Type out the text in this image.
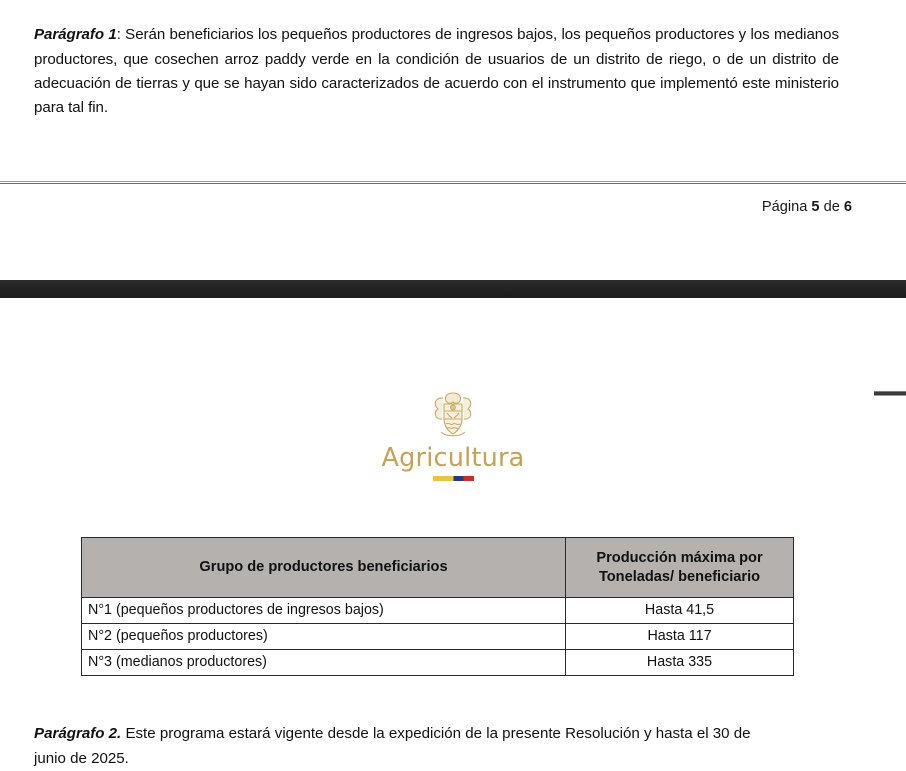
Parágrafo 1: Serán beneficiarios los pequeños productores de ingresos bajos, los pequeños productores y los medianos productores, que cosechen arroz paddy verde en la condición de usuarios de un distrito de riego, o de un distrito de adecuación de tierras y que se hayan sido caracterizados de acuerdo con el instrumento que implementó este ministerio para tal fin.

Página 5 de 6
Agricultura
Grupo de productores beneficiarios	Producción máxima por
Toneladas/ beneficiario
N°1 (pequeños productores de ingresos bajos)	Hasta 41,5
N°2 (pequeños productores)	Hasta 117
N°3 (medianos productores)	Hasta 335

Parágrafo 2. Este programa estará vigente desde la expedición de la presente Resolución y hasta el 30 de junio de 2025.
